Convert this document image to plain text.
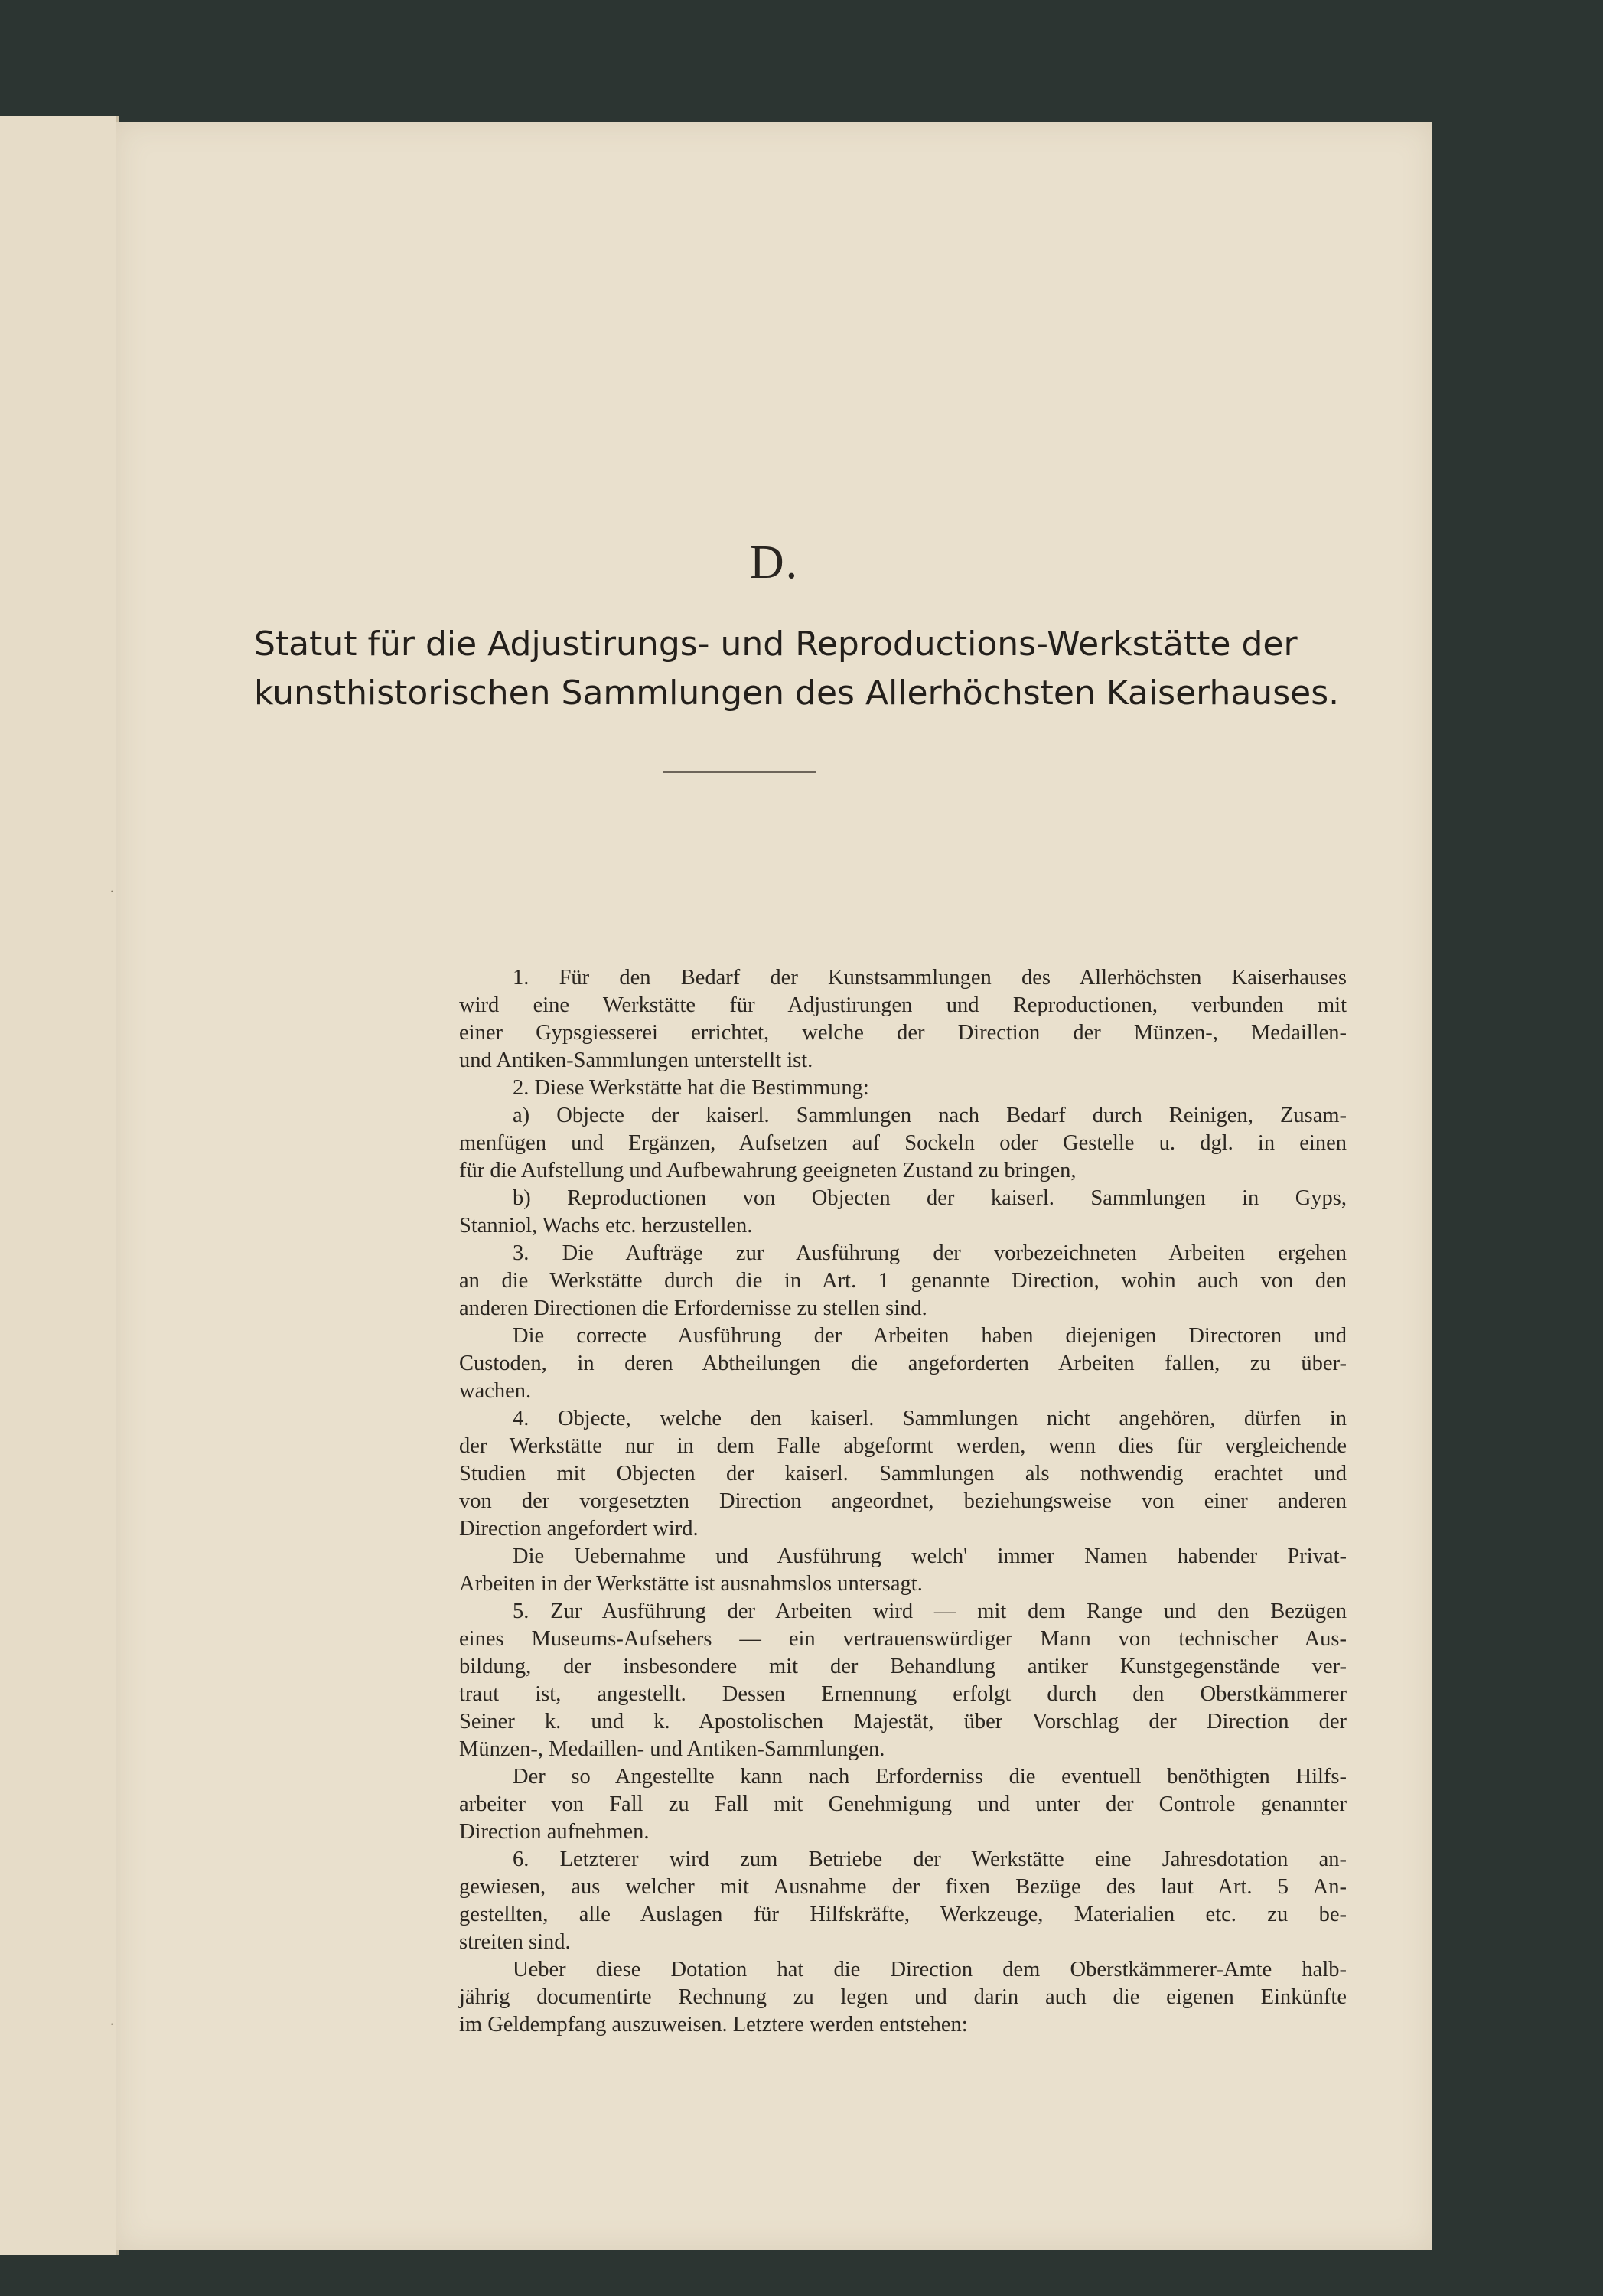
·
·
D.
Statut für die Adjustirungs- und Reproductions-Werkstätte der
kunsthistorischen Sammlungen des Allerhöchsten Kaiserhauses.
1. Für den Bedarf der Kunstsammlungen des Allerhöchsten Kaiserhauses
wird eine Werkstätte für Adjustirungen und Reproductionen, verbunden mit
einer Gypsgiesserei errichtet, welche der Direction der Münzen-, Medaillen-
und Antiken-Sammlungen unterstellt ist.
2. Diese Werkstätte hat die Bestimmung:
a) Objecte der kaiserl. Sammlungen nach Bedarf durch Reinigen, Zusam-
menfügen und Ergänzen, Aufsetzen auf Sockeln oder Gestelle u. dgl. in einen
für die Aufstellung und Aufbewahrung geeigneten Zustand zu bringen,
b) Reproductionen von Objecten der kaiserl. Sammlungen in Gyps,
Stanniol, Wachs etc. herzustellen.
3. Die Aufträge zur Ausführung der vorbezeichneten Arbeiten ergehen
an die Werkstätte durch die in Art. 1 genannte Direction, wohin auch von den
anderen Directionen die Erfordernisse zu stellen sind.
Die correcte Ausführung der Arbeiten haben diejenigen Directoren und
Custoden, in deren Abtheilungen die angeforderten Arbeiten fallen, zu über-
wachen.
4. Objecte, welche den kaiserl. Sammlungen nicht angehören, dürfen in
der Werkstätte nur in dem Falle abgeformt werden, wenn dies für vergleichende
Studien mit Objecten der kaiserl. Sammlungen als nothwendig erachtet und
von der vorgesetzten Direction angeordnet, beziehungsweise von einer anderen
Direction angefordert wird.
Die Uebernahme und Ausführung welch' immer Namen habender Privat-
Arbeiten in der Werkstätte ist ausnahmslos untersagt.
5. Zur Ausführung der Arbeiten wird — mit dem Range und den Bezügen
eines Museums-Aufsehers — ein vertrauenswürdiger Mann von technischer Aus-
bildung, der insbesondere mit der Behandlung antiker Kunstgegenstände ver-
traut ist, angestellt. Dessen Ernennung erfolgt durch den Oberstkämmerer
Seiner k. und k. Apostolischen Majestät, über Vorschlag der Direction der
Münzen-, Medaillen- und Antiken-Sammlungen.
Der so Angestellte kann nach Erforderniss die eventuell benöthigten Hilfs-
arbeiter von Fall zu Fall mit Genehmigung und unter der Controle genannter
Direction aufnehmen.
6. Letzterer wird zum Betriebe der Werkstätte eine Jahresdotation an-
gewiesen, aus welcher mit Ausnahme der fixen Bezüge des laut Art. 5 An-
gestellten, alle Auslagen für Hilfskräfte, Werkzeuge, Materialien etc. zu be-
streiten sind.
Ueber diese Dotation hat die Direction dem Oberstkämmerer-Amte halb-
jährig documentirte Rechnung zu legen und darin auch die eigenen Einkünfte
im Geldempfang auszuweisen. Letztere werden entstehen:
